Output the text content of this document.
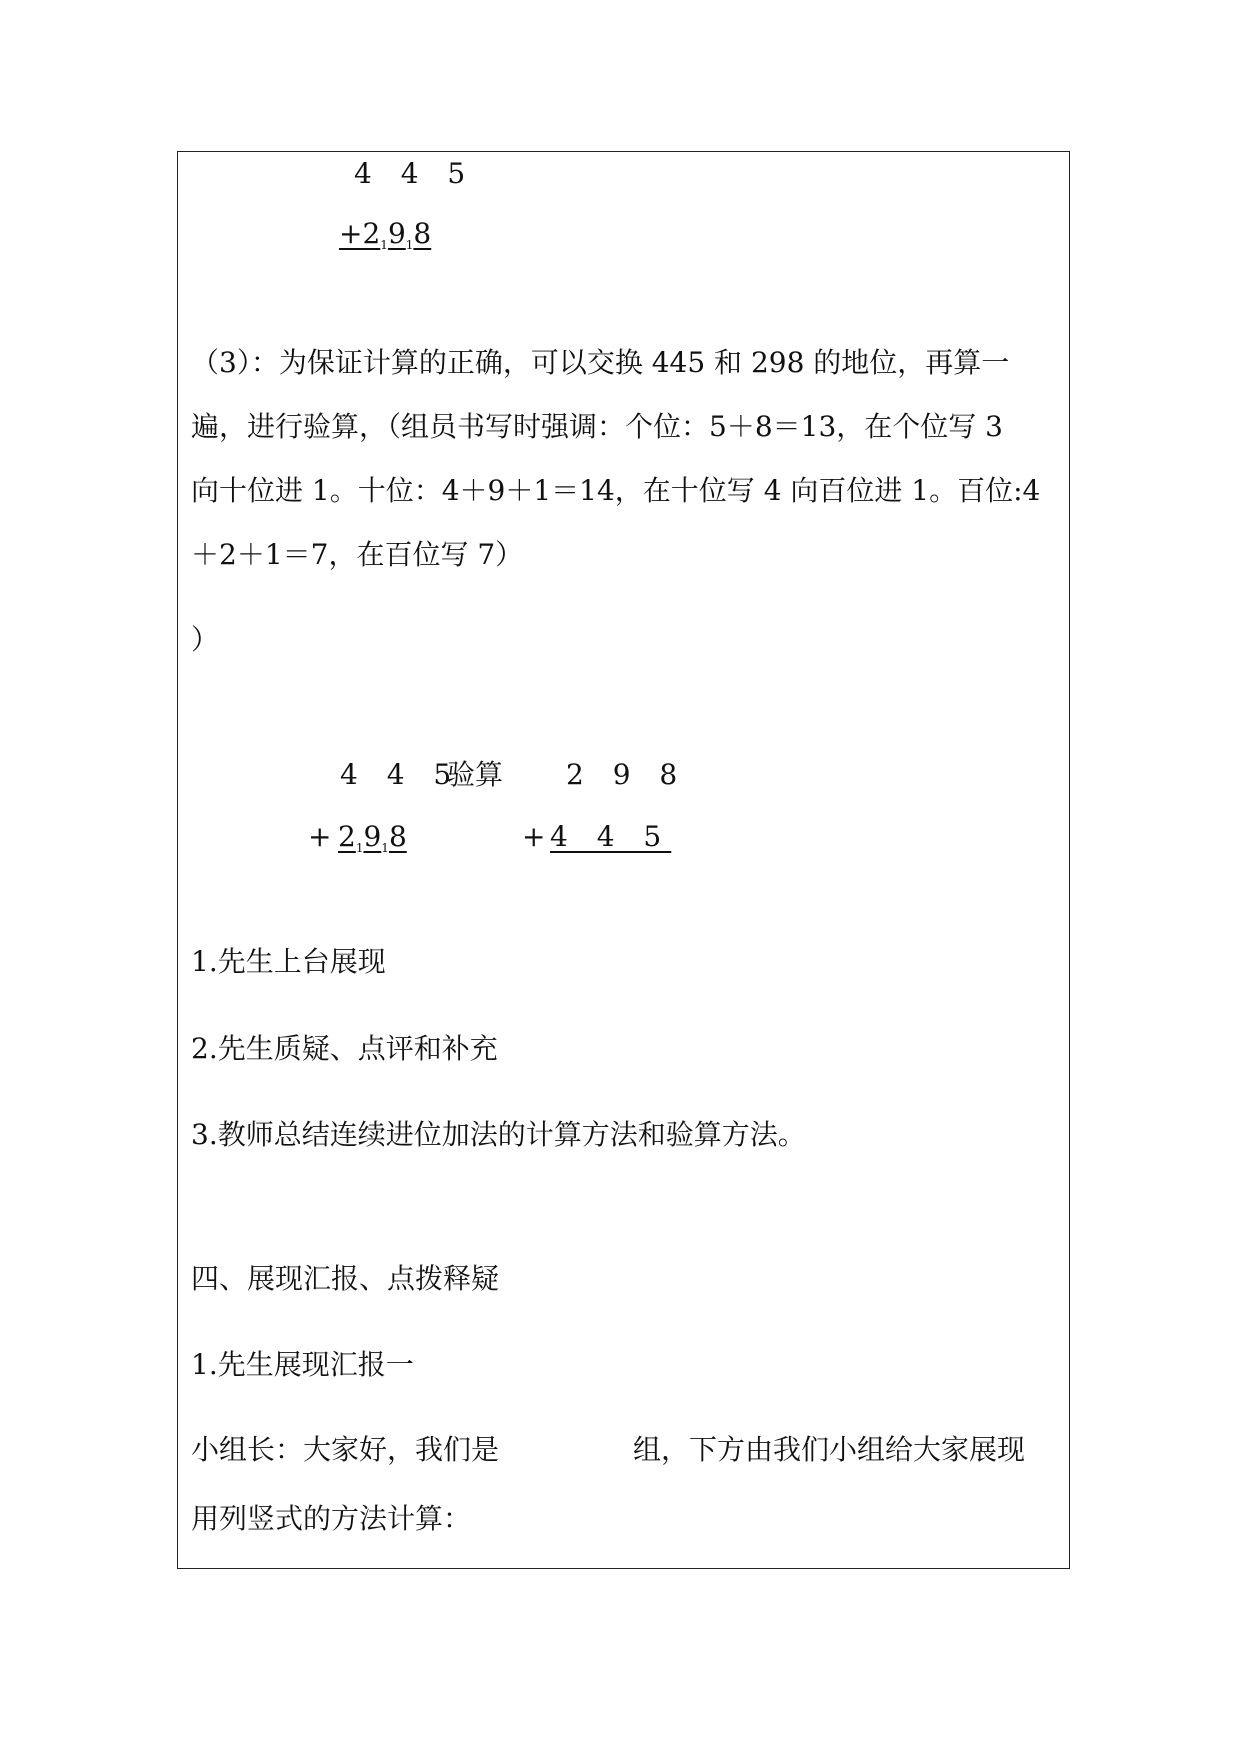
4 4 5
$+2_19_18$
（3）：为保证计算的正确，可以交换 445 和 298 的地位，再算一
遍，进行验算，（组员书写时强调：个位：5＋8＝13，在个位写 3
向十位进 1。十位：4＋9＋1＝14，在十位写 4 向百位进 1。百位:4
＋2＋1＝7，在百位写 7）
）
4 4 5
验算 2 9 8
+ $2_19_18$	+ 4 4 5
1.先生上台展现
2.先生质疑、点评和补充
3.教师总结连续进位加法的计算方法和验算方法。
四、展现汇报、点拨释疑
1.先生展现汇报一
小组长：大家好，我们是	组，下方由我们小组给大家展现
用列竖式的方法计算：
